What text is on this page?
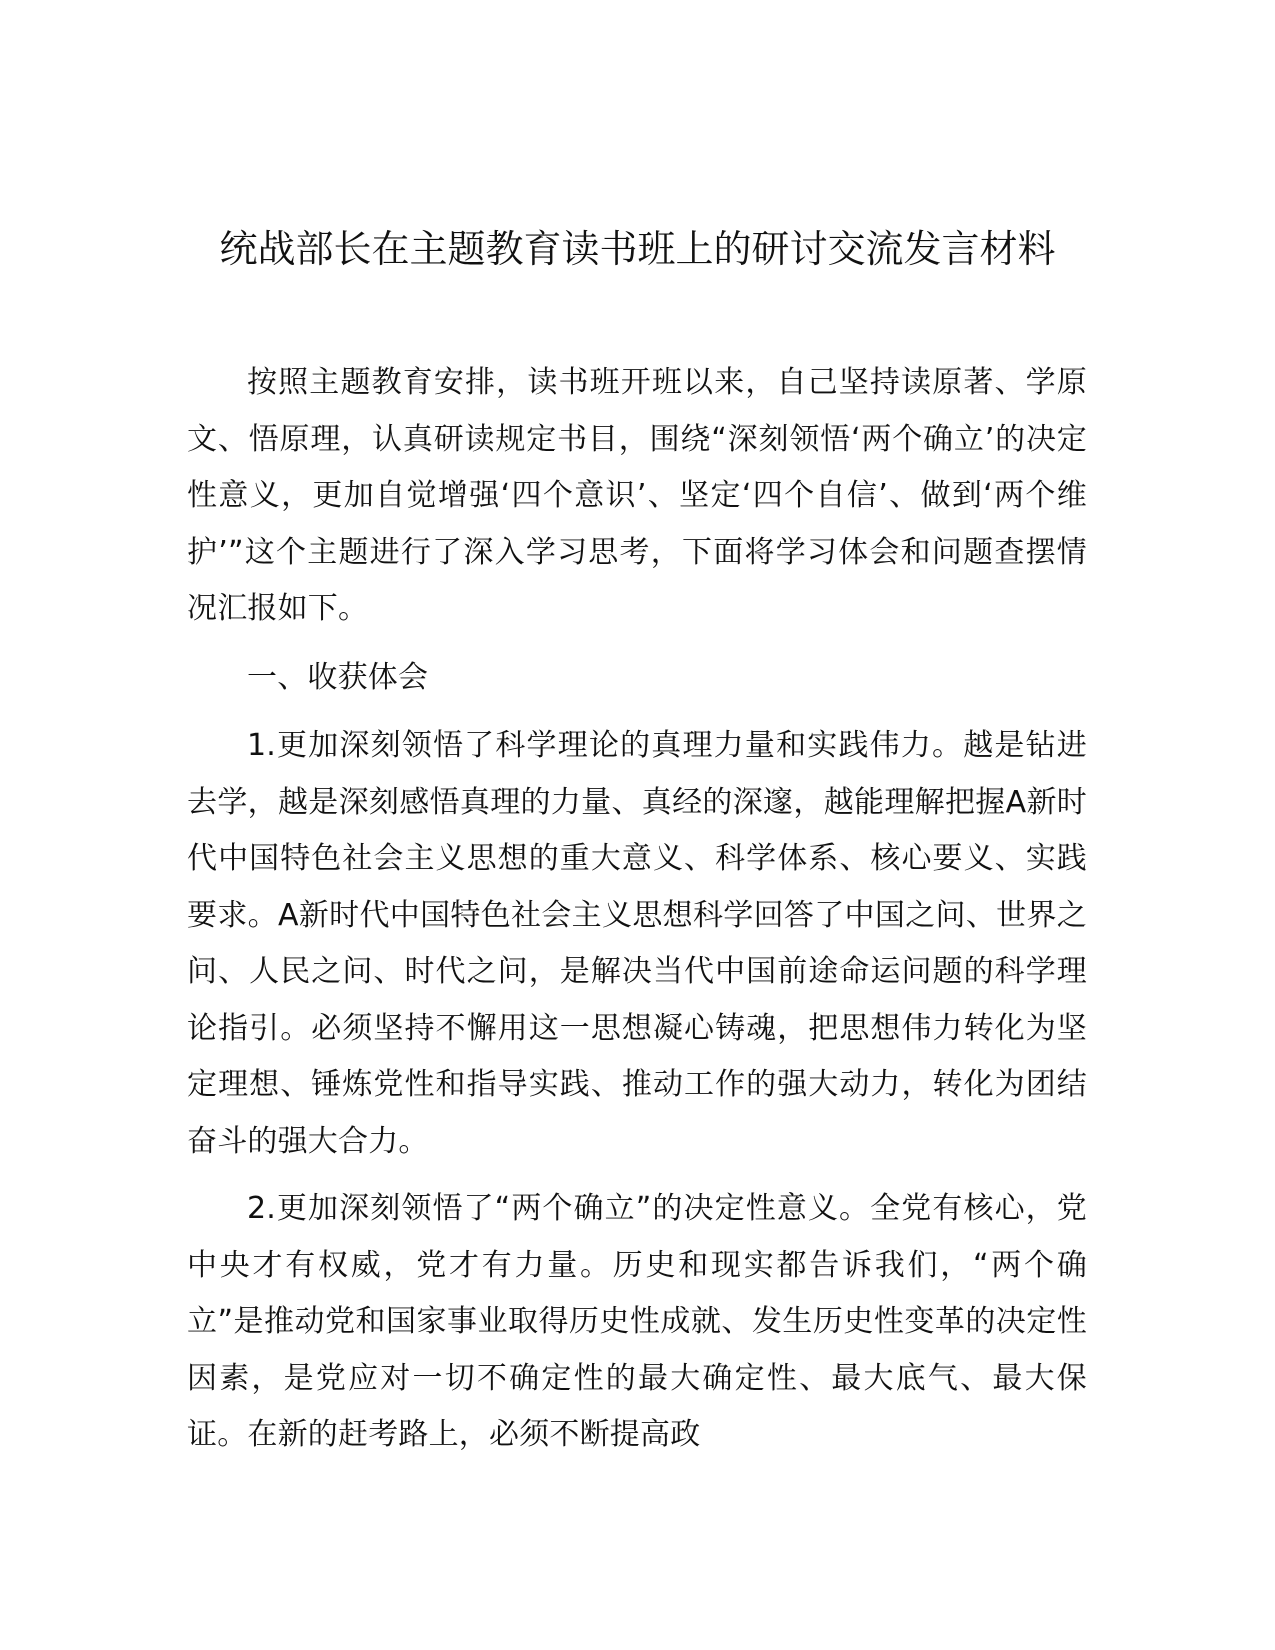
统战部长在主题教育读书班上的研讨交流发言材料

按照主题教育安排，读书班开班以来，自己坚持读原著、学原文、悟原理，认真研读规定书目，围绕“深刻领悟‘两个确立’的决定性意义，更加自觉增强‘四个意识’、坚定‘四个自信’、做到‘两个维护’”这个主题进行了深入学习思考，下面将学习体会和问题查摆情况汇报如下。

一、收获体会

1.更加深刻领悟了科学理论的真理力量和实践伟力。越是钻进去学，越是深刻感悟真理的力量、真经的深邃，越能理解把握A新时代中国特色社会主义思想的重大意义、科学体系、核心要义、实践要求。A新时代中国特色社会主义思想科学回答了中国之问、世界之问、人民之问、时代之问，是解决当代中国前途命运问题的科学理论指引。必须坚持不懈用这一思想凝心铸魂，把思想伟力转化为坚定理想、锤炼党性和指导实践、推动工作的强大动力，转化为团结奋斗的强大合力。

2.更加深刻领悟了“两个确立”的决定性意义。全党有核心，党中央才有权威，党才有力量。历史和现实都告诉我们，“两个确立”是推动党和国家事业取得历史性成就、发生历史性变革的决定性因素，是党应对一切不确定性的最大确定性、最大底气、最大保证。在新的赶考路上，必须不断提高政
